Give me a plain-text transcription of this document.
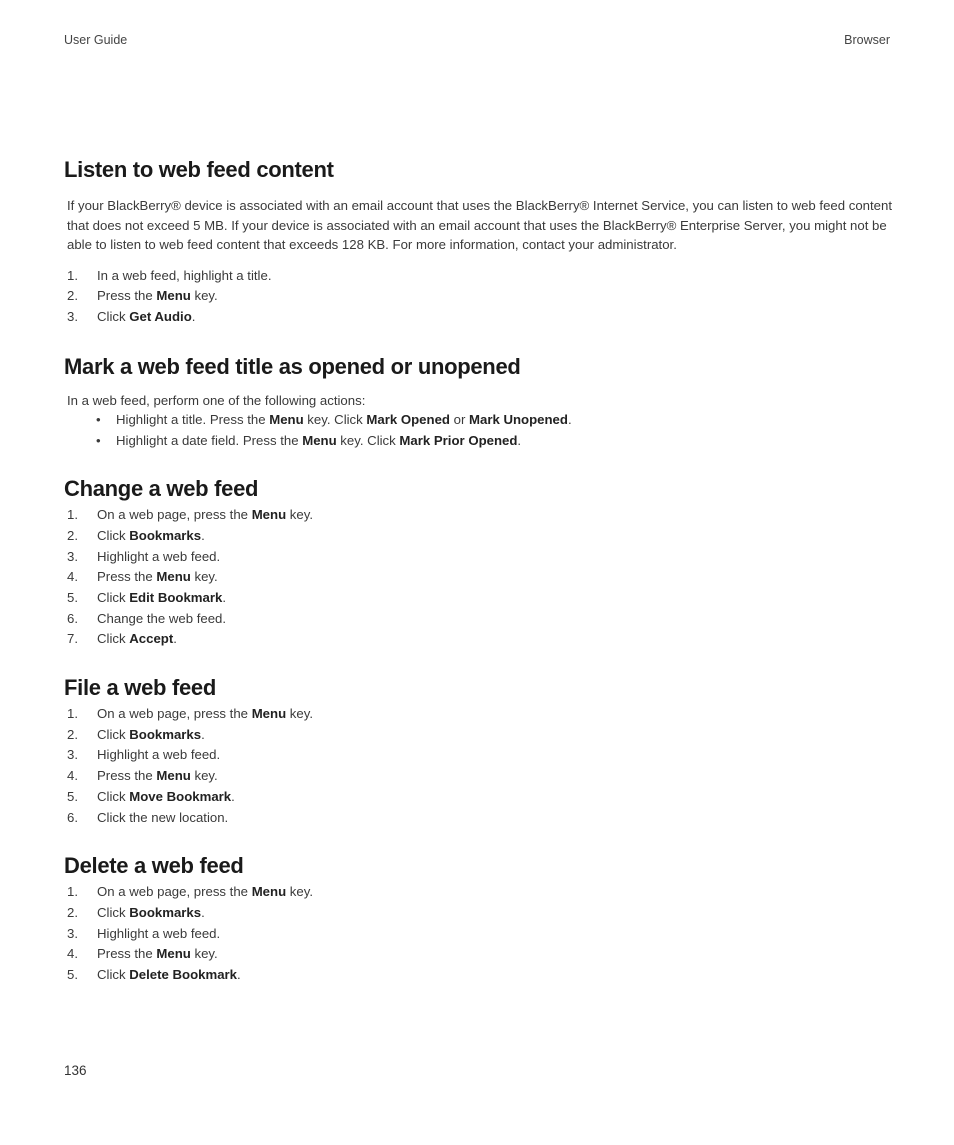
User Guide	Browser
Listen to web feed content
If your BlackBerry® device is associated with an email account that uses the BlackBerry® Internet Service, you can listen to web feed content
that does not exceed 5 MB. If your device is associated with an email account that uses the BlackBerry® Enterprise Server, you might not be
able to listen to web feed content that exceeds 128 KB. For more information, contact your administrator.
1.	In a web feed, highlight a title.
2.	Press the Menu key.
3.	Click Get Audio.
Mark a web feed title as opened or unopened
In a web feed, perform one of the following actions:
•	Highlight a title. Press the Menu key. Click Mark Opened or Mark Unopened.
•	Highlight a date field. Press the Menu key. Click Mark Prior Opened.
Change a web feed
1.	On a web page, press the Menu key.
2.	Click Bookmarks.
3.	Highlight a web feed.
4.	Press the Menu key.
5.	Click Edit Bookmark.
6.	Change the web feed.
7.	Click Accept.
File a web feed
1.	On a web page, press the Menu key.
2.	Click Bookmarks.
3.	Highlight a web feed.
4.	Press the Menu key.
5.	Click Move Bookmark.
6.	Click the new location.
Delete a web feed
1.	On a web page, press the Menu key.
2.	Click Bookmarks.
3.	Highlight a web feed.
4.	Press the Menu key.
5.	Click Delete Bookmark.
136
